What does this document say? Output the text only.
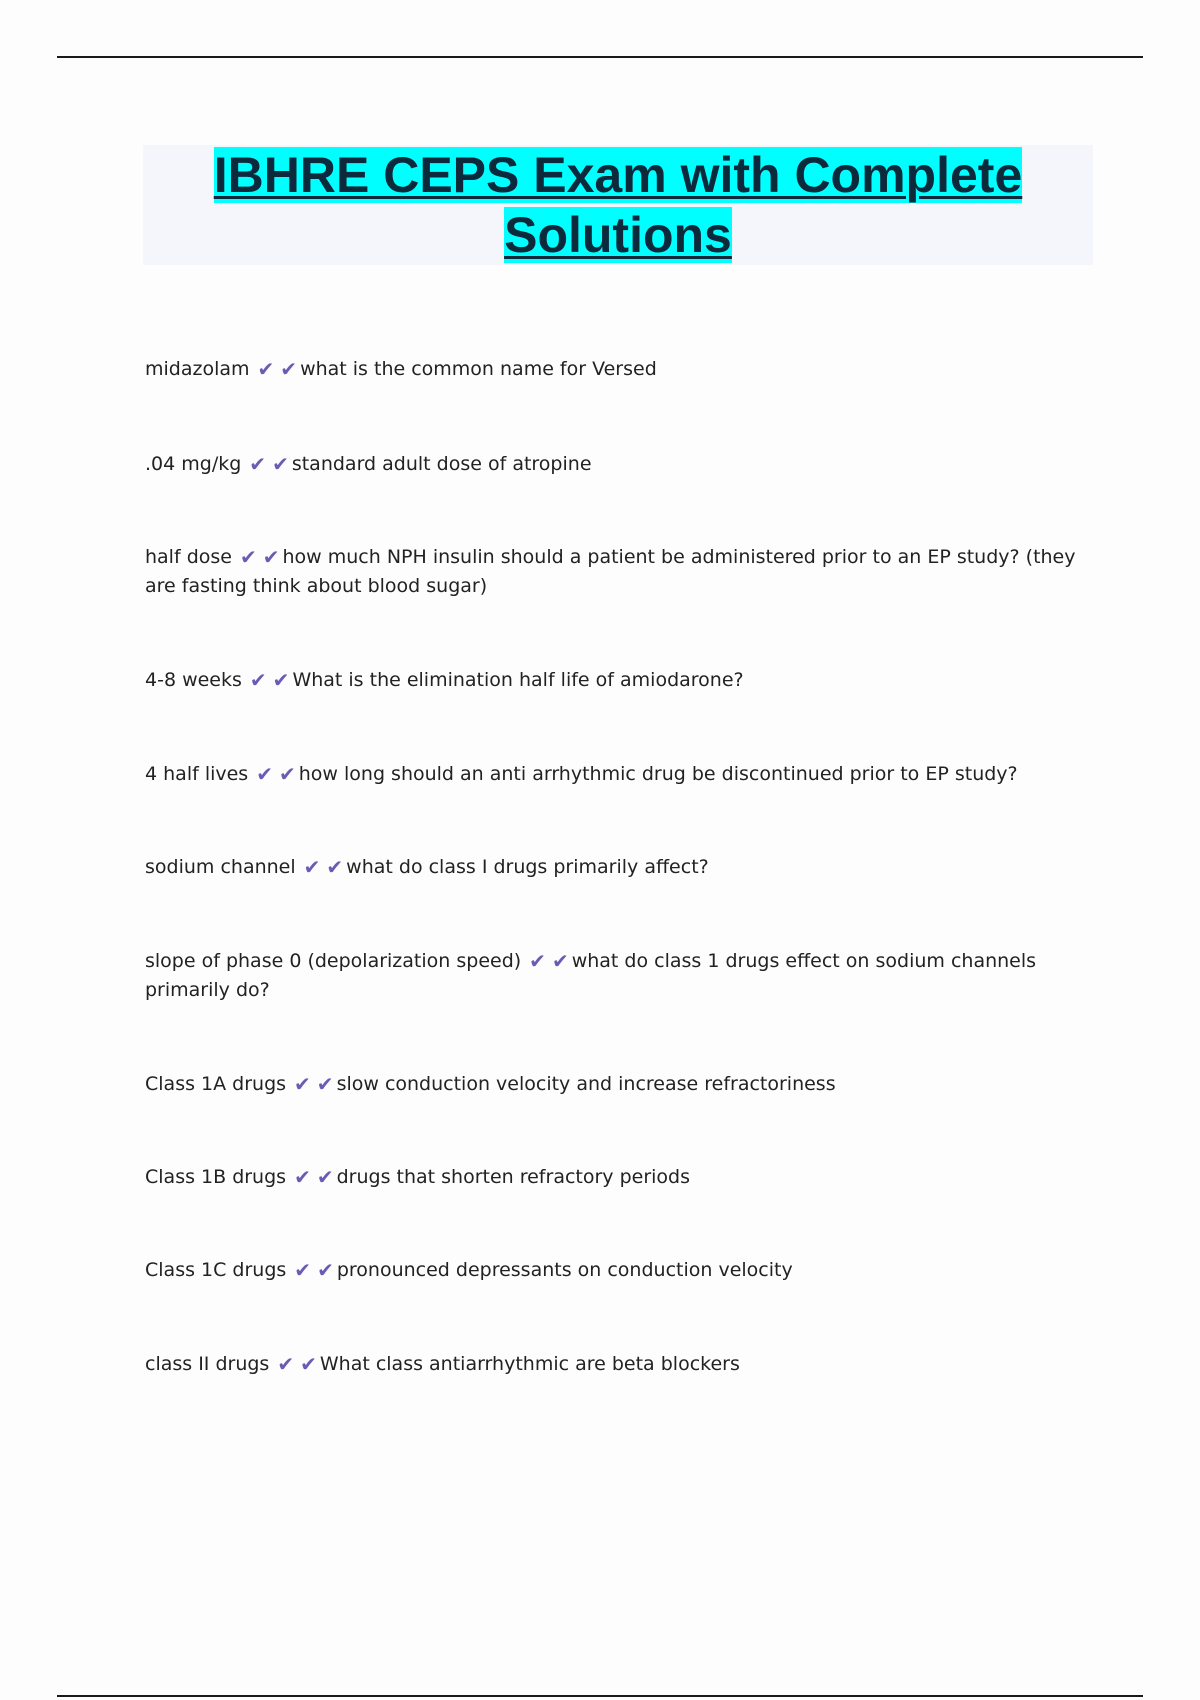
IBHRE CEPS Exam with Complete Solutions
midazolam ✔ ✔ what is the common name for Versed
.04 mg/kg ✔ ✔ standard adult dose of atropine
half dose ✔ ✔ how much NPH insulin should a patient be administered prior to an EP study? (they are fasting think about blood sugar)
4-8 weeks ✔ ✔ What is the elimination half life of amiodarone?
4 half lives ✔ ✔ how long should an anti arrhythmic drug be discontinued prior to EP study?
sodium channel ✔ ✔ what do class I drugs primarily affect?
slope of phase 0 (depolarization speed) ✔ ✔ what do class 1 drugs effect on sodium channels primarily do?
Class 1A drugs ✔ ✔ slow conduction velocity and increase refractoriness
Class 1B drugs ✔ ✔ drugs that shorten refractory periods
Class 1C drugs ✔ ✔ pronounced depressants on conduction velocity
class II drugs ✔ ✔ What class antiarrhythmic are beta blockers
